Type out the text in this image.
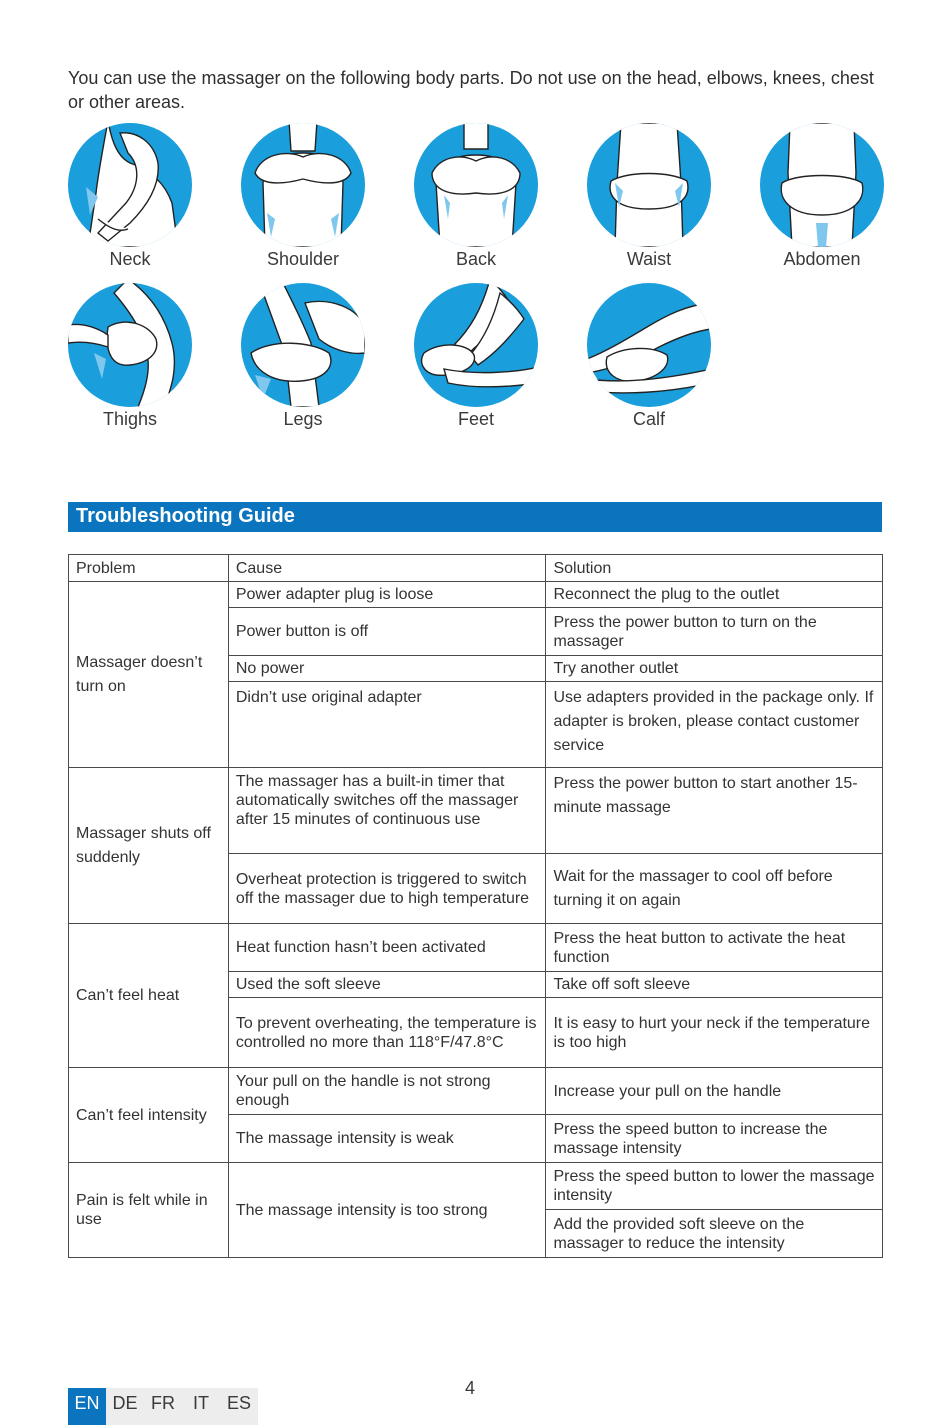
You can use the massager on the following body parts. Do not use on the head, elbows, knees, chest or other areas.

Neck	Shoulder	Back	Waist	Abdomen
Thighs	Legs	Feet	Calf
Troubleshooting Guide
Problem	Cause	Solution
Massager doesn’t turn on	Power adapter plug is loose	Reconnect the plug to the outlet
	Power button is off	Press the power button to turn on the massager
	No power	Try another outlet
	Didn’t use original adapter	Use adapters provided in the package only. If adapter is broken, please contact customer service
Massager shuts off suddenly	The massager has a built-in timer that automatically switches off the massager after 15 minutes of continuous use	Press the power button to start another 15-minute massage
	Overheat protection is triggered to switch off the massager due to high temperature	Wait for the massager to cool off before turning it on again
Can’t feel heat	Heat function hasn’t been activated	Press the heat button to activate the heat function
	Used the soft sleeve	Take off soft sleeve
	To prevent overheating, the temperature is controlled no more than 118°F/47.8°C	It is easy to hurt your neck if the temperature is too high
Can’t feel intensity	Your pull on the handle is not strong enough	Increase your pull on the handle
	The massage intensity is weak	Press the speed button to increase the massage intensity
Pain is felt while in use	The massage intensity is too strong	Press the speed button to lower the massage intensity
		Add the provided soft sleeve on the massager to reduce the intensity
4
EN DE FR	IT ES
